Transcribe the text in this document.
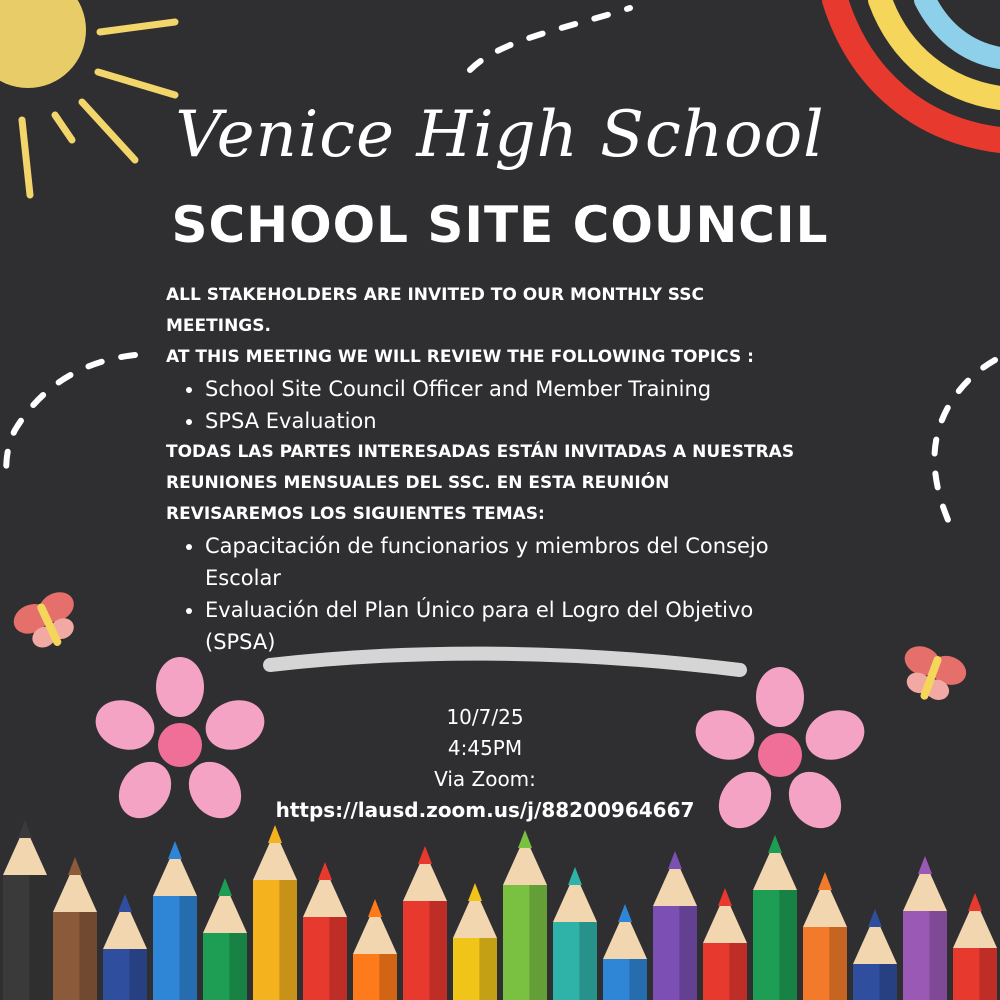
Venice High School
SCHOOL SITE COUNCIL

ALL STAKEHOLDERS ARE INVITED TO OUR MONTHLY SSC MEETINGS.

AT THIS MEETING WE WILL REVIEW THE FOLLOWING TOPICS :

• School Site Council Officer and Member Training
• SPSA Evaluation

TODAS LAS PARTES INTERESADAS ESTÁN INVITADAS A NUESTRAS REUNIONES MENSUALES DEL SSC. EN ESTA REUNIÓN REVISAREMOS LOS SIGUIENTES TEMAS:

• Capacitación de funcionarios y miembros del Consejo Escolar
• Evaluación del Plan Único para el Logro del Objetivo (SPSA)
10/7/25
4:45PM
Via Zoom:
https://lausd.zoom.us/j/88200964667
